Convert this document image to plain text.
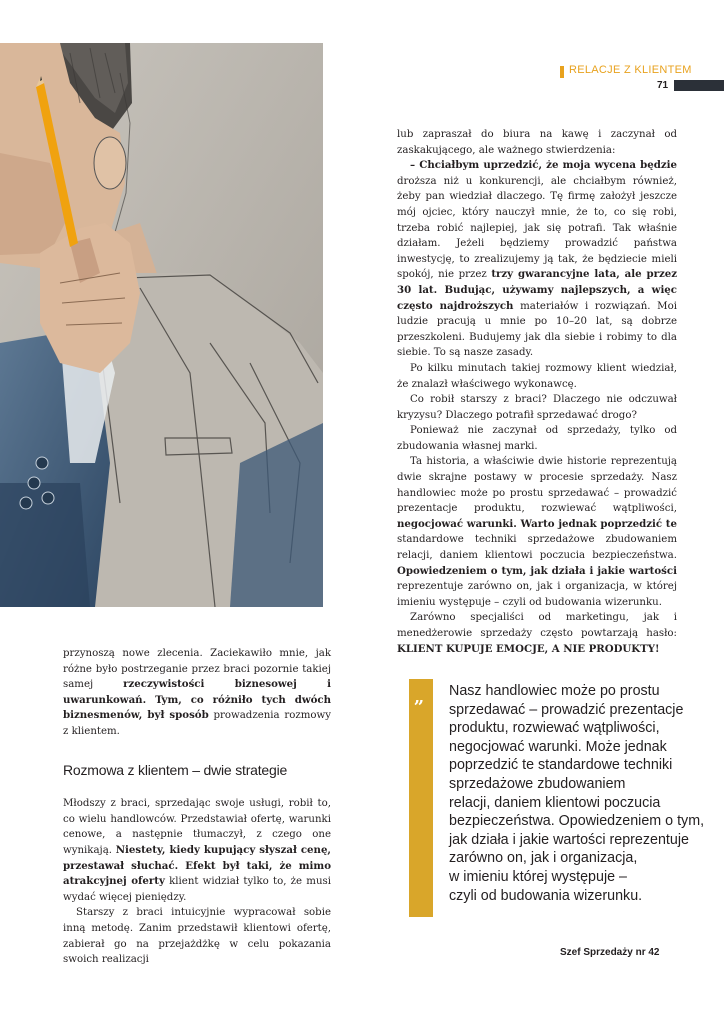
RELACJE Z KLIENTEM
71

przynoszą nowe zlecenia. Zaciekawiło mnie, jak różne było postrzeganie przez braci pozornie takiej samej rzeczywistości biznesowej i uwarunkowań. Tym, co różniło tych dwóch biznesmenów, był sposób prowadzenia rozmowy z klientem.

Rozmowa z klientem – dwie strategie

Młodszy z braci, sprzedając swoje usługi, robił to, co wielu handlowców. Przedstawiał ofertę, warunki cenowe, a następnie tłumaczył, z czego one wynikają. Niestety, kiedy kupujący słyszał cenę, przestawał słuchać. Efekt był taki, że mimo atrakcyjnej oferty klient widział tylko to, że musi wydać więcej pieniędzy.

Starszy z braci intuicyjnie wypracował sobie inną metodę. Zanim przedstawił klientowi ofertę, zabierał go na przejażdżkę w celu pokazania swoich realizacji

lub zapraszał do biura na kawę i zaczynał od zaskakującego, ale ważnego stwierdzenia:

– Chciałbym uprzedzić, że moja wycena będzie droższa niż u konkurencji, ale chciałbym również, żeby pan wiedział dlaczego. Tę firmę założył jeszcze mój ojciec, który nauczył mnie, że to, co się robi, trzeba robić najlepiej, jak się potrafi. Tak właśnie działam. Jeżeli będziemy prowadzić państwa inwestycję, to zrealizujemy ją tak, że będziecie mieli spokój, nie przez trzy gwarancyjne lata, ale przez 30 lat. Budując, używamy najlepszych, a więc często najdroższych materiałów i rozwiązań. Moi ludzie pracują u mnie po 10–20 lat, są dobrze przeszkoleni. Budujemy jak dla siebie i robimy to dla siebie. To są nasze zasady.

Po kilku minutach takiej rozmowy klient wiedział, że znalazł właściwego wykonawcę.

Co robił starszy z braci? Dlaczego nie odczuwał kryzysu? Dlaczego potrafił sprzedawać drogo?

Ponieważ nie zaczynał od sprzedaży, tylko od zbudowania własnej marki.

Ta historia, a właściwie dwie historie reprezentują dwie skrajne postawy w procesie sprzedaży. Nasz handlowiec może po prostu sprzedawać – prowadzić prezentacje produktu, rozwiewać wątpliwości, negocjować warunki. Warto jednak poprzedzić te standardowe techniki sprzedażowe zbudowaniem relacji, daniem klientowi poczucia bezpieczeństwa. Opowiedzeniem o tym, jak działa i jakie wartości reprezentuje zarówno on, jak i organizacja, w której imieniu występuje – czyli od budowania wizerunku.

Zarówno specjaliści od marketingu, jak i menedżerowie sprzedaży często powtarzają hasło: KLIENT KUPUJE EMOCJE, A NIE PRODUKTY!

„ Nasz handlowiec może po prostu
sprzedawać – prowadzić prezentacje
produktu, rozwiewać wątpliwości,
negocjować warunki. Może jednak
poprzedzić te standardowe techniki
sprzedażowe zbudowaniem
relacji, daniem klientowi poczucia
bezpieczeństwa. Opowiedzeniem o tym,
jak działa i jakie wartości reprezentuje
zarówno on, jak i organizacja,
w imieniu której występuje –
czyli od budowania wizerunku.
Szef Sprzedaży nr 42
